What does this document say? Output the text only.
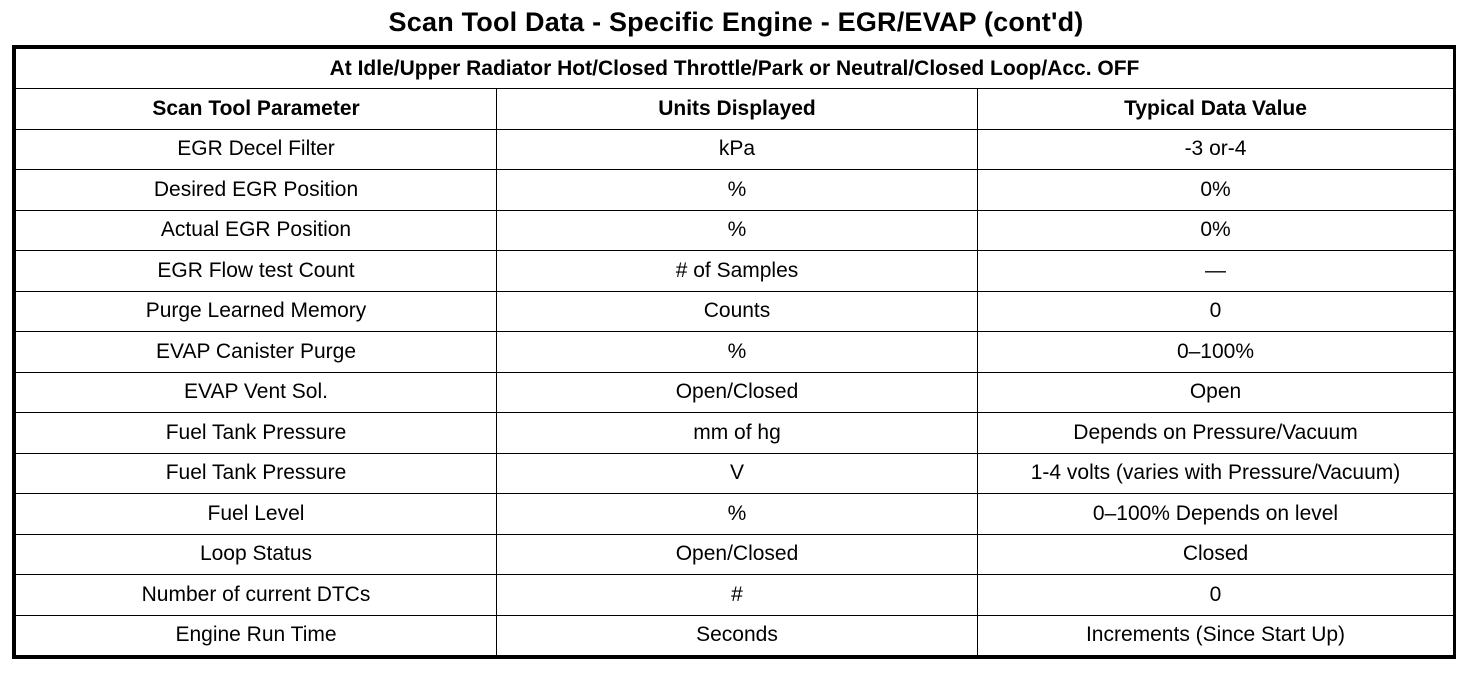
Scan Tool Data - Specific Engine - EGR/EVAP (cont'd)
At Idle/Upper Radiator Hot/Closed Throttle/Park or Neutral/Closed Loop/Acc. OFF		
Scan Tool Parameter	Units Displayed	Typical Data Value
EGR Decel Filter	kPa	-3 or-4
Desired EGR Position	%	0%
Actual EGR Position	%	0%
EGR Flow test Count	# of Samples	—
Purge Learned Memory	Counts	0
EVAP Canister Purge	%	0–100%
EVAP Vent Sol.	Open/Closed	Open
Fuel Tank Pressure	mm of hg	Depends on Pressure/Vacuum
Fuel Tank Pressure	V	1-4 volts (varies with Pressure/Vacuum)
Fuel Level	%	0–100% Depends on level
Loop Status	Open/Closed	Closed
Number of current DTCs	#	0
Engine Run Time	Seconds	Increments (Since Start Up)
